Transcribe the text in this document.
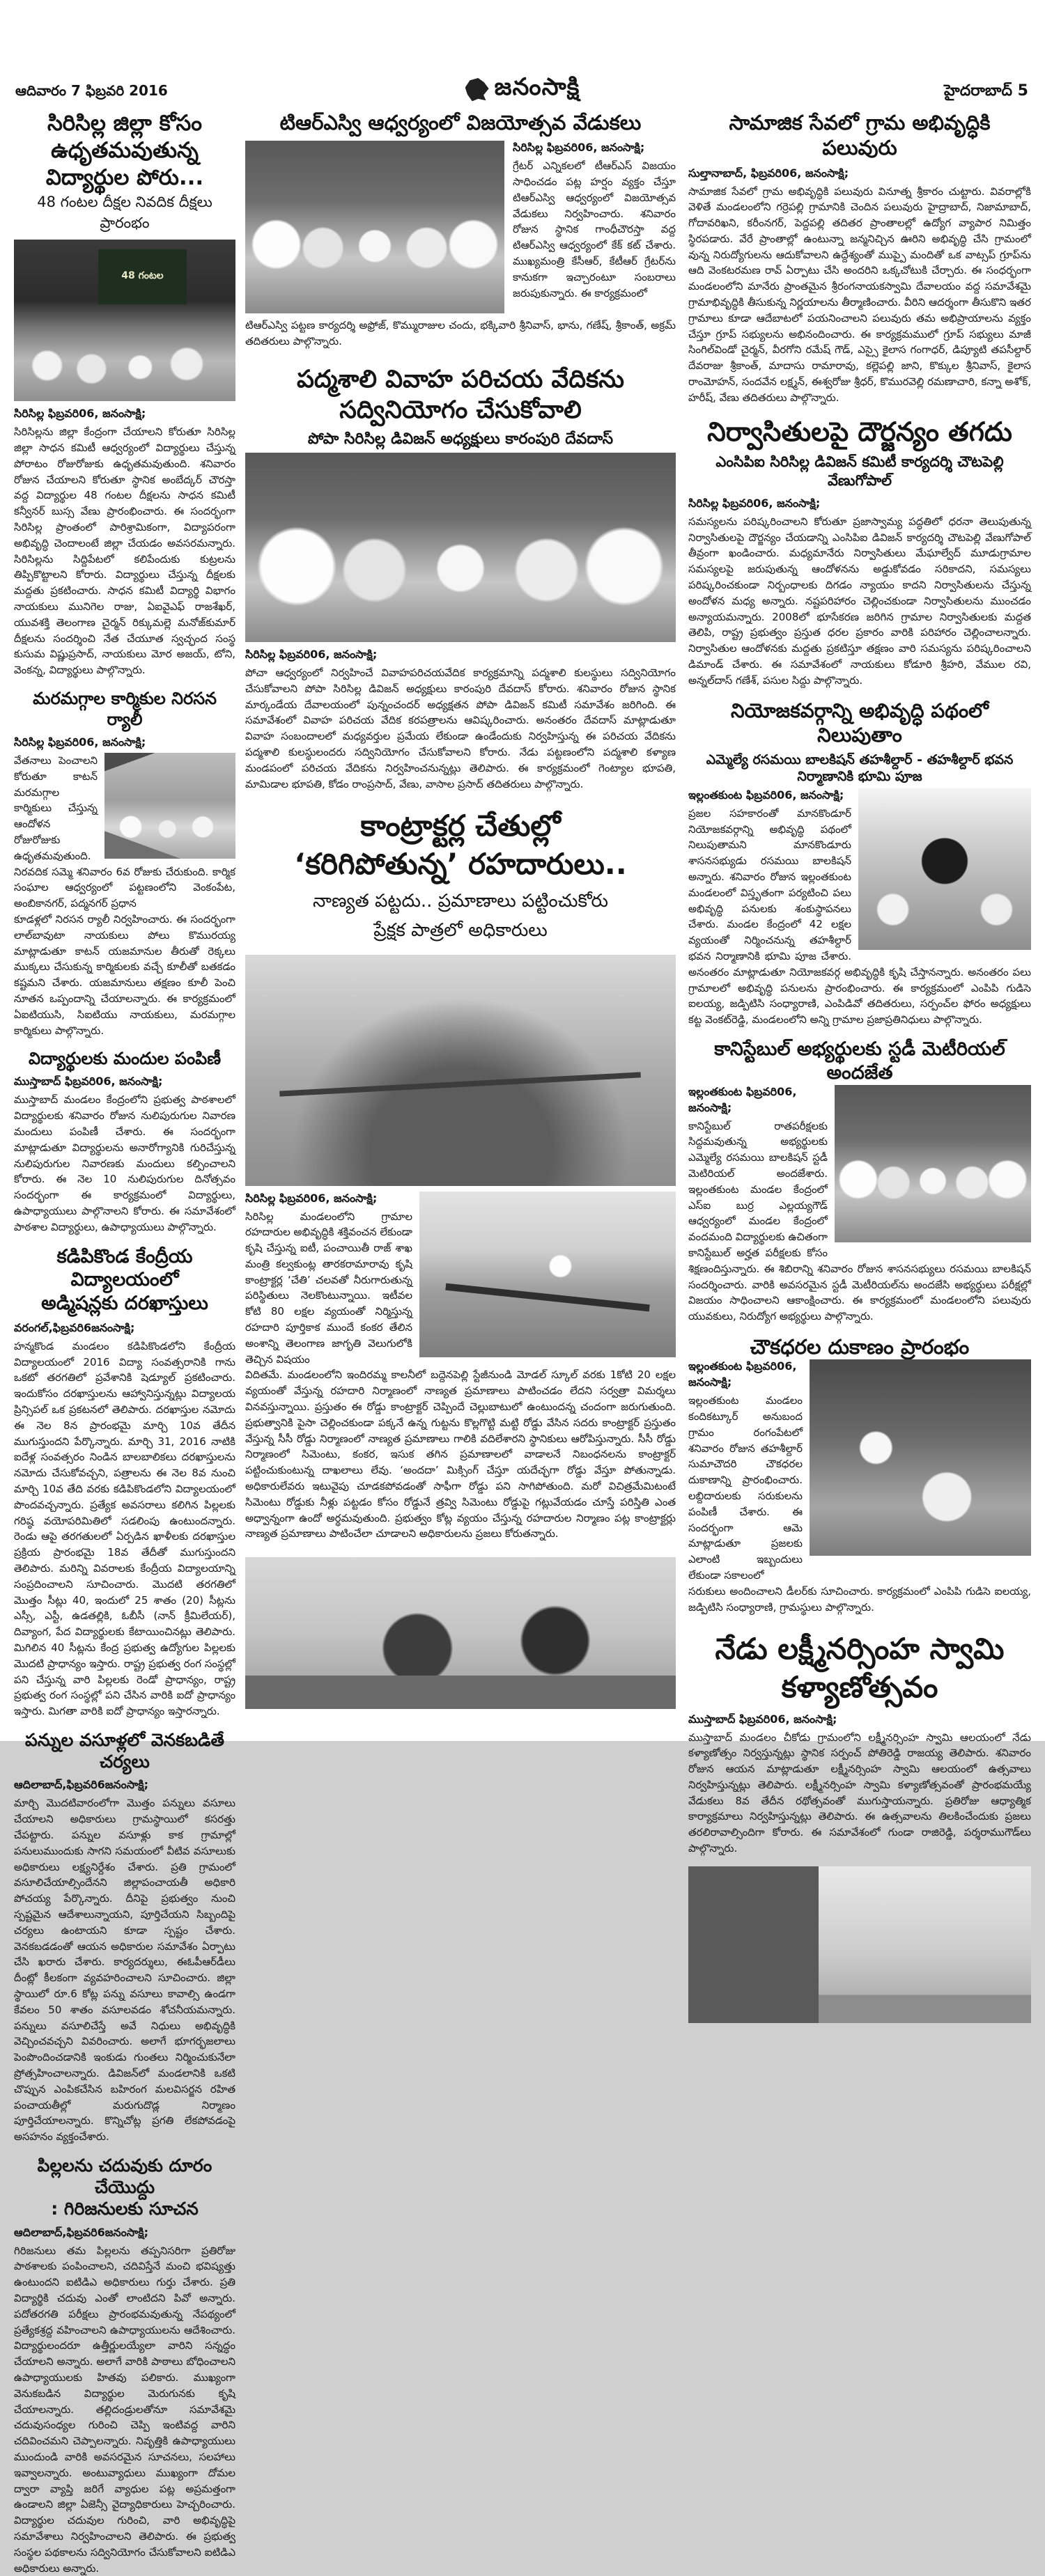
ఆదివారం 7 ఫిబ్రవరి 2016	జనంసాక్షి	హైదరాబాద్ 5
సిరిసిల్ల జిల్లా కోసం
ఉధృతమవుతున్న విద్యార్థుల పోరు...
48 గంటల దీక్షల నివదిక దీక్షలు ప్రారంభం
48 గంటల
సిరిసిల్ల ఫిబ్రవరి06, జనంసాక్షి;
సిరిసిల్లను జిల్లా కేంద్రంగా చేయాలని కోరుతూ సిరిసిల్ల జిల్లా సాధన కమిటీ ఆధ్వర్యంలో విద్యార్థులు చేస్తున్న పోరాటం రోజురోజుకు ఉధృతమవుతుంది. శనివారం రోజున చేయాలని కోరుతూ స్థానిక అంబేద్కర్ చౌరస్తా వద్ద విద్యార్థుల 48 గంటల దీక్షలను సాధన కమిటీ కన్వీనర్ బుస్స వేణు ప్రారంభించారు. ఈ సందర్భంగా సిరిసిల్ల ప్రాంతంలో పారిశ్రామికంగా, విద్యాపరంగా అభివృద్ధి చెందాలంటే జిల్లా చేయడం అవసరమన్నారు. సిరిసిల్లను సిద్దిపేటలో కలిపేందుకు కుట్రలను తిప్పికొట్టాలని కోరారు. విద్యార్థులు చేస్తున్న దీక్షలకు మద్దతు ప్రకటించారు. సాధన కమిటీ విద్యార్థి విభాగం నాయకులు మునిగెల రాజు, ఏఐవైఎఫ్ రాజశేఖర్, యువశక్తి తెలంగాణ చైర్మన్ రిక్కుమల్లె మనోజ్‌కుమార్ దీక్షలను సందర్శించి నేత చేయూత స్వచ్ఛంద సంస్థ కుసుమ విష్ణుప్రసాద్, నాయకులు మోర అజయ్, టోని, వెంకన్న, విద్యార్థులు పాల్గొన్నారు.
మరమగ్గాల కార్మికుల నిరసన ర్యాలీ
సిరిసిల్ల ఫిబ్రవరి06, జనంసాక్షి;
వేతనాలు పెంచాలని కోరుతూ కాటన్ మరమగ్గాల కార్మికులు చేస్తున్న ఆందోళన రోజురోజుకు ఉధృతమవుతుంది. నిరవదిక సమ్మె శనివారం 6వ రోజుకు చేరుకుంది. కార్మిక సంఘాల ఆధ్వర్యంలో పట్టణంలోని వెంకంపేట, అంబికానగర్, పద్మనగర్ ప్రధాన
కూడళ్లలో నిరసన ర్యాలీ నిర్వహించారు. ఈ సందర్భంగా లాల్‌బావుటా నాయకులు పోలు కొమురయ్య మాట్లాడుతూ కాటన్ యజమానుల తీరుతో రెక్కలు ముక్కలు చేసుకున్న కార్మికులకు వచ్చే కూలీతో బతకడం కష్టమని చేశారు. యజమానులు తక్షణం కూలీ పెంచి నూతన ఒప్పందాన్ని చేయాలన్నారు. ఈ కార్యక్రమంలో ఏఐటియుసి, సిఐటియు నాయకులు, మరమగ్గాల కార్మికులు పాల్గొన్నారు.
విద్యార్థులకు మందుల పంపిణీ
ముస్తాబాద్ ఫిబ్రవరి06, జనంసాక్షి;
ముస్తాబాద్ మండలం కేంద్రంలోని ప్రభుత్వ పాఠశాలలో విద్యార్థులకు శనివారం రోజున నులిపురుగుల నివారణ మందులు పంపిణీ చేశారు. ఈ సందర్భంగా మాట్లాడుతూ విద్యార్థులను అనారోగ్యానికి గురిచేస్తున్న నులిపురుగుల నివారణకు మందులు కల్పించాలని కోరారు. ఈ నెల 10 నులిపురుగుల దినోత్సవం సందర్భంగా ఈ కార్యక్రమంలో విద్యార్థులు, ఉపాధ్యాయులు పాల్గొనాలని కోరారు. ఈ సమావేశంలో పాఠశాల విద్యార్థులు, ఉపాధ్యాయులు పాల్గొన్నారు.
కడిపికొండ కేంద్రీయ విద్యాలయంలో
అడ్మిషన్లకు దరఖాస్తులు
వరంగల్,ఫిబ్రవరి6జనంసాక్షి;
హన్మకొండ మండలం కడిపికొండలోని కేంద్రీయ విద్యాలయంలో 2016 విద్యా సంవత్సరానికి గాను ఒకటో తరగతిలో ప్రవేశానికి షెడ్యూల్ ప్రకటించారు. ఇందుకోసం దరఖాస్తులను ఆహ్వానిస్తున్నట్లు విద్యాలయ ప్రిన్సిపల్ ఒక ప్రకటనలో తెలిపారు. దరఖాస్తుల నమోదు ఈ నెల 8న ప్రారంభమై మార్చి 10వ తేదీన ముగుస్తుందని పేర్కొన్నారు. మార్చి 31, 2016 నాటికి ఐదేళ్ల సంవత్సరం నిండిన బాలబాలికలు దరఖాస్తులను నమోదు చేసుకోవచ్చని, పత్రాలను ఈ నెల 8వ నుంచి మార్చి 10వ తేది వరకు కడిపికొండలోని విద్యాలయంలో పొందవచ్చన్నారు. ప్రత్యేక అవసరాలు కలిగిన పిల్లలకు గరిష్ఠ వయోపరిమితిలో సడలింపు ఉంటుందన్నారు. రెండు ఆపై తరగతులలో ఏర్పడిన ఖాళీలకు దరఖాస్తుల ప్రక్రియ ప్రారంభమై 18వ తేదీతో ముగుస్తుందని తెలిపారు. మరిన్ని వివరాలకు కేంద్రీయ విద్యాలయాన్ని సంప్రదించాలని సూచించారు. మొదటి తరగతిలో మొత్తం సీట్లు 40, ఇందులో 25 శాతం (20) సీట్లను ఎస్సీ, ఎస్టీ, ఉడతల్లికి, ఓబీసీ (నాన్ క్రీమిలేయర్), దివ్యాంగ, పేద విద్యార్థులకు కేటాయించినట్లు తెలిపారు. మిగిలిన 40 సీట్లను కేంద్ర ప్రభుత్వ ఉద్యోగుల పిల్లలకు మొదటి ప్రాధాన్యం ఇస్తారు. రాష్ట్ర ప్రభుత్వ రంగ సంస్థల్లో పని చేస్తున్న వారి పిల్లలకు రెండో ప్రాధాన్యం, రాష్ట్ర ప్రభుత్వ రంగ సంస్థల్లో పని చేసిన వారికి ఐదో ప్రాధాన్యం ఇస్తారు. మిగతా వారికి ఐదో ప్రాధాన్యం ఇస్తారన్నారు.
పన్నుల వసూళ్లలో వెనకబడితే చర్యలు
ఆదిలాబాద్,ఫిబ్రవరి6జనంసాక్షి;
మార్చి మొదటివారంలోగా మొత్తం పన్నులు వసూలు చేయాలని అధికారులు గ్రామస్థాయిలో కసరత్తు చేపట్టారు. పన్నుల వసూళ్లు కాక గ్రామాల్లో పనులుముందుకు సాగని సమయంలో వీటివ వసూలుకు అధికారులు లక్ష్యనిర్దేశం చేశారు. ప్రతి గ్రామంలో వసూలిచేయాల్సిందేనని జిల్లాపంచాయతీ అధికారి పోచయ్య పేర్కొన్నారు. దీనిపై ప్రభుత్వం నుంచి స్పష్టమైన ఆదేశాలున్నాయని, పూర్తిచేయని సిబ్బందిపై చర్యలు ఉంటాయని కూడా స్పష్టం చేశారు. వెనకబడడంతో ఆయన అధికారుల సమావేశం ఏర్పాటు చేసి ఖరారు చేశారు. కార్యదర్శులు, ఈఓపీఆర్‌డీలు దీంట్లో కీలకంగా వ్యవహరించాలని సూచించారు. జిల్లా స్థాయిలో రూ.6 కోట్ల పన్ను వసూలు కావాల్సి ఉండగా కేవలం 50 శాతం వసూలవడం శోచనీయమన్నారు. పన్నులు వసూలిచేస్తే అవే నిధులు అభివృద్ధికి వెచ్చించవచ్చని వివరించారు. అలాగే భూగర్భజలాలు పెంపొందించడానికి ఇంకుడు గుంతలు నిర్మించుకునేలా ప్రోత్సహించాలన్నారు. డివిజన్‌లో మండలానికి ఒకటి చొప్పున ఎంపికచేసిన బహిరంగ మలవిసర్జన రహిత పంచాయతీల్లో మరుగుదొడ్ల నిర్మాణం పూర్తిచేయాలన్నారు. కొన్నిచోట్ల ప్రగతి లేకపోవడంపై అసహనం వ్యక్తంచేశారు.
పిల్లలను చదువుకు దూరం చేయొద్దు
: గిరిజనులకు సూచన
ఆదిలాబాద్,ఫిబ్రవరి6జనంసాక్షి;
గిరిజనులు తమ పిల్లలను తప్పనిసరిగా ప్రతిరోజు పాఠశాలకు పంపించాలని, చదివిస్తేనే మంచి భవిష్యత్తు ఉంటుందని ఐటిడిఎ అధికారులు గుర్తు చేశారు. ప్రతి విద్యార్థికి చదువు ఎంతో లాంటిదని పివో అన్నారు. పదోతరగతి పరీక్షలు ప్రారంభమవుతున్న నేపథ్యంలో ప్రత్యేకశ్రద్ద వహించాలని ఉపాధ్యాయులను ఆదేశించారు. విద్యార్థులందరూ ఉత్తీర్ణులయ్యేలా వారిని సన్నద్ధం చేయాలని అన్నారు. అలాగే వారికి పాఠాలు బోధించాలని ఉపాధ్యాయులకు హితవు పలికారు. ముఖ్యంగా వెనుకబడిన విద్యార్థుల మెరుగునకు కృషి చేయాలన్నారు. తల్లిదండ్రులతోనూ సమావేశమై చదువుసంధ్యల గురించి చెప్పి ఇంటివద్ద వారిని చదివించమని చెప్పాలన్నారు. నివృత్తికి ఉపాధ్యాయులు ముందుండి వారికి అవసరమైన సూచనలు, సలహాలు ఇవ్వాలన్నారు. అంటువ్యాధులు ముఖ్యంగా దోమల ద్వారా వ్యాప్తి జరిగే వ్యాధుల పట్ల అప్రమత్తంగా ఉండాలని జిల్లా ఏజెన్సీ వైద్యాధికారులు హెచ్చరించారు. విద్యార్థుల చదువుల గురించి, వారి అభివృద్ధిపై సమావేశాలు నిర్వహించాలని తెలిపారు. ఈ ప్రభుత్వ సంస్థల పథకాలను సద్వినియోగం చేసుకోవాలని ఐటిడిఎ అధికారులు అన్నారు.
టిఆర్ఎస్వి ఆధ్వర్యంలో విజయోత్సవ వేడుకలు
సిరిసిల్ల ఫిబ్రవరి06, జనంసాక్షి;
గ్రేటర్ ఎన్నికలలో టీఆర్ఎస్ విజయం సాధించడం పట్ల హర్షం వ్యక్తం చేస్తూ టిఆర్ఎస్వి ఆధ్వర్యంలో విజయోత్సవ వేడుకలు నిర్వహించారు. శనివారం రోజున స్థానిక గాంధీచౌరస్తా వద్ద టిఆర్ఎస్వి ఆధ్వర్యంలో కేక్ కట్ చేశారు. ముఖ్యమంత్రి కేసీఆర్, కేటీఆర్ గ్రేటర్‌ను కానుకగా ఇచ్చారంటూ సంబరాలు జరుపుకున్నారు. ఈ కార్యక్రమంలో
టిఆర్ఎస్వి పట్టణ కార్యదర్శి అఫ్రోజ్, కొమ్మురాజుల చందు, భక్కివారి శ్రీనివాస్, భాను, గణేష్, శ్రీకాంత్, అక్రమ్ తదితరులు పాల్గొన్నారు.
పద్మశాలి వివాహ పరిచయ వేదికను
సద్వినియోగం చేసుకోవాలి
పోపా సిరిసిల్ల డివిజన్ అధ్యక్షులు కారంపురి దేవదాస్
సిరిసిల్ల ఫిబ్రవరి06, జనంసాక్షి;
పోచా ఆధ్వర్యంలో నిర్వహించే వివాహపరిచయవేదిక కార్యక్రమాన్ని పద్మశాలి కులస్థులు సద్వినియోగం చేసుకోవాలని పోపా సిరిసిల్ల డివిజన్ అధ్యక్షులు కారంపురి దేవదాస్ కోరారు. శనివారం రోజున స్థానిక మార్కండేయ దేవాలయంలో పున్నంచందర్ అధ్యక్షతన పోపా డివిజన్ కమిటీ సమావేశం జరిగింది. ఈ సమావేశంలో వివాహ పరిచయ వేదిక కరపత్రాలను ఆవిష్కరించారు. అనంతరం దేవదాస్ మాట్లాడుతూ వివాహ సంబందాలలో మధ్యవర్తుల ప్రమేయ లేకుండా ఉండేందుకు నిర్వహిస్తున్న ఈ పరిచయ వేదికను పద్మశాలి కులస్థులందరు సద్వినియోగం చేసుకోవాలని కోరారు. నేడు పట్టణంలోని పద్మశాలి కళ్యాణ మండపంలో పరిచయ వేదికను నిర్వహించనున్నట్లు తెలిపారు. ఈ కార్యక్రమంలో గెంట్యాల భూపతి, మామిడాల భూపతి, కోడం రాంప్రసాద్, వేణు, వాసాల ప్రసాద్ తదితరులు పాల్గొన్నారు.
కాంట్రాక్టర్ల చేతుల్లో
‘కరిగిపోతున్న’ రహదారులు..
నాణ్యత పట్టదు.. ప్రమాణాలు పట్టించుకోరు
ప్రేక్షక పాత్రలో అధికారులు
సిరిసిల్ల ఫిబ్రవరి06, జనంసాక్షి;
సిరిసిల్ల మండలంలోని గ్రామాల రహదారుల అభివృద్ధికి శక్తివంచన లేకుండా కృషి చేస్తున్న ఐటీ, పంచాయితీ రాజ్ శాఖ మంత్రి కల్వకుంట్ల తారకరామారావు కృషి కాంట్రాక్టర్ల ‘చేతి’ చలవతో నీరుగారుతున్న పరిస్థితులు నెలకొంటున్నాయి. ఇటీవల కోటి 80 లక్షల వ్యయంతో నిర్మిస్తున్న రహదారి పూర్తికాక ముందే కంకర తేలిన అంశాన్ని తెలంగాణ జాగృతి వెలుగులోకి తెచ్చిన విషయం
విదితమే. మండలంలోని ఇందిరమ్మ కాలనీలో బద్దెనపెల్లి స్టేజీనుండి మోడల్ స్కూల్ వరకు 1కోటి 20 లక్షల వ్యయంతో వేస్తున్న రహదారి నిర్మాణంలో నాణ్యత ప్రమాణాలు పాటించడం లేదని సర్వత్రా విమర్శలు వినవస్తున్నాయి. ప్రస్తుతం ఈ రోడ్డు కాంట్రాక్టర్ చెప్పిందే చెల్లుబాటులో ఉంటుందన్న చందంగా జరుగుతుంది. ప్రభుత్వానికి పైసా చెల్లించకుండా పక్కనే ఉన్న గుట్టను కొల్లగొట్టి మట్టి రోడ్డు వేసిన సదరు కాంట్రాక్టర్ ప్రస్తుతం వేస్తున్న సీసీ రోడ్డు నిర్మాణంలో నాణ్యత ప్రమాణాలు గాలికి వదిలేశారని స్థానికులు ఆరోపిస్తున్నారు. సీసీ రోడ్డు నిర్మాణంలో సిమెంటు, కంకర, ఇసుక తగిన ప్రమాణాలలో వాడాలనే నిబంధనలను కాంట్రాక్టర్ పట్టించుకుంటున్న దాఖలాలు లేవు. ‘అందదా’ మిక్సింగ్ చేస్తూ యదేచ్ఛగా రోడ్డు వేస్తూ పోతున్నాడు. అధికారులేవరు ఇటువైపు చూడకపోవడంతో సాఫీగా రోడ్డు పని సాగిపోతుంది. మరో విచిత్రమేమిటంటే సిమెంటు రోడ్డుకు నీళ్లు పట్టడం కోసం రోడ్డునే త్రవ్వి సిమెంటు రోడ్డుపై గట్లువేయడం చూస్తే పరిస్తితి ఎంత అధ్వాన్నంగా ఉందో అర్థమవుతుంది. ప్రభుత్వం కోట్ల వ్యయం చేస్తున్న రహదారుల నిర్మాణం పట్ల కాంట్రాక్టర్లు నాణ్యత ప్రమాణాలు పాటించేలా చూడాలని అధికారులను ప్రజలు కోరుతన్నారు.
సామాజిక సేవలో గ్రామ అభివృద్ధికి పలువురు
సుల్తానాబాద్, ఫిబ్రవరి06, జనంసాక్షి;
సామాజిక సేవలో గ్రామ అభివృద్ధికి పలువురు వినూత్న శ్రీకారం చుట్టారు. వివరాల్లోకి వెళితే మండలంలోని గర్రెపల్లి గ్రామానికి చెందిన పలువురు హైద్రాబాద్, నిజామాబాద్, గోదావరిఖని, కరీంనగర్, పెద్దపల్లి తదితర ప్రాంతాలల్లో ఉద్యోగ వ్యాపార నిమిత్తం స్థిరపడారు. వేరే ప్రాంతాల్లో ఉంటున్నా జన్మనిచ్చిన ఊరిని అభివృద్ధి చేసి గ్రామంలో వున్న నిరుద్యోగులను ఆదుకోవాలని ఉద్దేశ్యంతో ముప్పై మందితో ఒక వాట్సప్ గ్రూప్‌ను ఆది వెంకటరమణ రావ్ ఏర్పాటు చేసి అందరిని ఒక్కచోటుకి చేర్చారు. ఈ సంధర్భంగా మండలంలోని మానేరు ప్రాంతమైన శ్రీరంగనాయకస్వామి దేవాలయం వద్ద సమావేశమై గ్రామాభివృద్ధికి తీసుకున్న నిర్ణయాలను తీర్మాణించారు. వీరిని ఆదర్శంగా తీసుకొని ఇతర గ్రామాలు కూడా ఆదేబాటలో పయనించాలని పలువురు తమ అభిప్రాయాలను వ్యక్తం చేస్తూ గ్రూప్ సభ్యులను అభినందించారు. ఈ కార్యక్రమములో గ్రూప్ సభ్యులు మాజీ సింగిల్‌విండో చైర్మన్, వీరగోని రమేష్ గౌడ్, ఎస్సై కైలాస గంగాధర్, డిప్యూటి తపసీల్దార్ దేవరాజు శ్రీకాంత్, మాదాసు రామారావు, కల్లెపల్లి జాని, కొక్కుల శ్రీనివాస్, కైలాస రాంమోహన్, సందవేన లక్ష్మన్, ఈశ్వరోజు శ్రీధర్, కొమురవెల్లి రమణాచారి, కన్నా అశోక్, హరీష్, వేణు తదితరులు పాల్గొన్నారు.
నిర్వాసితులపై దౌర్జన్యం తగదు
ఎంసిపిఐ సిరిసిల్ల డివిజన్ కమిటీ కార్యదర్శి చౌటపెల్లి వేణుగోపాల్
సిరిసిల్ల ఫిబ్రవరి06, జనంసాక్షి;
సమస్యలను పరిష్కరించాలని కోరుతూ ప్రజాస్వామ్య పద్ధతిలో ధరనా తెలుపుతున్న నిర్వాసితులపై దౌర్జన్యం చేయడాన్ని ఎంసిపిఐ డివిజన్ కార్యదర్శి చౌటపెల్లి వేణుగోపాల్ తీవ్రంగా ఖండించారు. మధ్యమానేరు నిర్వాసితులు మేఘాల్వేద్ మూడుగ్రామాల సమస్యలపై జరుపుతున్న ఆందోళనను అడ్డుకోవడం సరికాదని, సమస్యలు పరిష్కరించకుండా నిర్బంధాలకు దిగడం న్యాయం కాదని నిర్వాసితులను చేస్తున్న అందోళన మధ్య అన్నారు. నష్టపరిహారం చెల్లించకుండా నిర్వాసితులను ముంచడం అన్యాయమన్నారు. 2008లో భూసేకరణ జరిగిన గ్రామాల నిర్వాసితులకు మద్దత తెలిపి, రాష్ట్ర ప్రభుత్వం ప్రస్తుత ధరల ప్రకారం వారికి పరిహారం చెల్లించాలన్నారు. నిర్వాసితుల ఆందోళనకు మద్దతు ప్రకటిస్తూ తక్షణం వారి సమస్యను పరిష్కరించాలని డిమాండ్ చేశారు. ఈ సమావేశంలో నాయకులు కోడూరి శ్రీహరి, వేముల రవి, అన్నల్‌దాస్ గణేశ్, పసుల సిద్దు పాల్గొన్నారు.
నియోజకవర్గాన్ని అభివృద్ధి పథంలో నిలుపుతాం
ఎమ్మెల్యే రసమయి బాలకిషన్ తహశీల్దార్ - తహశీల్దార్ భవన నిర్మాణానికి భూమి పూజ
ఇల్లంతకుంట ఫిబ్రవరి06, జనంసాక్షి;
ప్రజల సహకారంతో మానకొండూర్ నియోజకవర్గాన్ని అభివృద్ధి పథంలో నిలుపుతామని మానకొండూరు శాసనసభ్యుడు రసమయి బాలకిషన్ అన్నారు. శనివారం రోజున ఇల్లంతకుంట మండలంలో విస్తృతంగా పర్యటించి పలు అభివృద్ధి పనులకు శంకుస్థాపనలు చేశారు. మండల కేంద్రంలో 42 లక్షల వ్యయంతో నిర్మించనున్న తహశీల్దార్ భవన నిర్మాణానికి భూమి పూజ చేశారు. అనంతరం మాట్లాడుతూ నియోజకవర్గ అభివృద్ధికి కృషి చేస్తానన్నారు. అనంతరం పలు గ్రామాలలో అభివృద్ధి పనులను ప్రారంభించారు. ఈ కార్యక్రమంలో ఎంపిపి గుడిసె ఐలయ్య, జడ్పిటిసి సంధ్యారాణి, ఎంపిడివో తదితరులు, సర్పంచ్‌ల ఫోరం అధ్యక్షులు కట్ట వెంకట్‌రెడ్డి, మండలంలోని అన్ని గ్రామాల ప్రజాప్రతినిధులు పాల్గొన్నారు.
కానిస్టేబుల్ అభ్యర్థులకు స్టడీ మెటీరియల్ అందజేత
ఇల్లంతకుంట ఫిబ్రవరి06, జనంసాక్షి;
కానిస్టేబుల్ రాతపరీక్షలకు సిద్దమవుతున్న అభ్యర్థులకు ఎమ్మెల్యే రసమయి బాలకిషన్ స్టడీ మెటిరియల్ అందజేశారు. ఇల్లంతకుంట మండల కేంద్రంలో ఎస్ఐ బుర్ర ఎల్లయ్యగౌడ్ ఆధ్వర్యంలో మండల కేంద్రంలో వందమంది విద్యార్థులకు ఉచితంగా కానిస్టేబుల్ అర్హత పరీక్షలకు కోసం శిక్షణందిస్తున్నారు. ఈ శిబిరాన్ని శనివారం రోజున శాసనసభ్యులు రసమయి బాలకిషన్ సందర్శించారు. వారికి అవసరమైన స్టడీ మెటీరియల్‌ను అందజేసి అభ్యర్థులు పరీక్షల్లో విజయం సాధించాలని ఆకాంక్షించారు. ఈ కార్యక్రమంలో మండలంలోని పలువురు యువకులు, నిరుద్యోగ అభ్యర్థులు పాల్గొన్నారు.
చౌకధరల దుకాణం ప్రారంభం
ఇల్లంతకుంట ఫిబ్రవరి06, జనంసాక్షి;
ఇల్లంతకుంట మండలం కందికట్కూర్ అనుబంద గ్రామం రంగంపేటలో శనివారం రోజున తహశీల్దార్ సుమాచౌదరి చౌకధరల దుకాణాన్ని ప్రారంభించారు. లబ్దిదారులకు సరుకులను పంపిణీ చేశారు. ఈ సందర్భంగా ఆమె మాట్లాడుతూ ప్రజలకు ఎలాంటి ఇబ్బందులు లేకుండా సకాలంలో
సరుకులు అందించాలని డీలర్‌కు సూచించారు. కార్యక్రమంలో ఎంపిపి గుడిసె ఐలయ్య, జడ్పిటిసి సంధ్యారాణి, గ్రామస్థులు పాల్గొన్నారు.
నేడు లక్ష్మీనర్సింహ స్వామి
కళ్యాణోత్సవం
ముస్తాబాద్ ఫిబ్రవరి06, జనంసాక్షి;
ముస్తాబాద్ మండలం చీకోడు గ్రామంలోని లక్ష్మీనర్సింహ స్వామి ఆలయంలో నేడు కళ్యాణోత్సం నిర్వస్తున్నట్లు స్థానిక సర్పంచ్ పోతిరెడ్డి రాజయ్య తెలిపారు. శనివారం రోజున ఆయన మాట్లాడుతూ లక్ష్మీనర్సింహ స్వామి ఆలయంలో ఉత్సవాలు నిర్వహిస్తున్నట్లు తెలిపారు. లక్ష్మీనర్సింహ స్వామి కళ్యాణోత్సవంతో ప్రారంభమయ్యే వేడుకలు 8వ తేదీన రథోత్సవంతో ముగుస్తాయన్నారు. ప్రతిరోజు ఆధ్యాత్మిక కార్యాక్రమాలు నిర్వహిస్తున్నట్లు తెలిపారు. ఈ ఉత్సవాలను తిలకించేందుకు ప్రజలు తరలిరావాల్సిందిగా కోరారు. ఈ సమావేశంలో గుండా రాజిరెడ్డి, పర్శరాముగౌడ్‌లు పాల్గొన్నారు.
